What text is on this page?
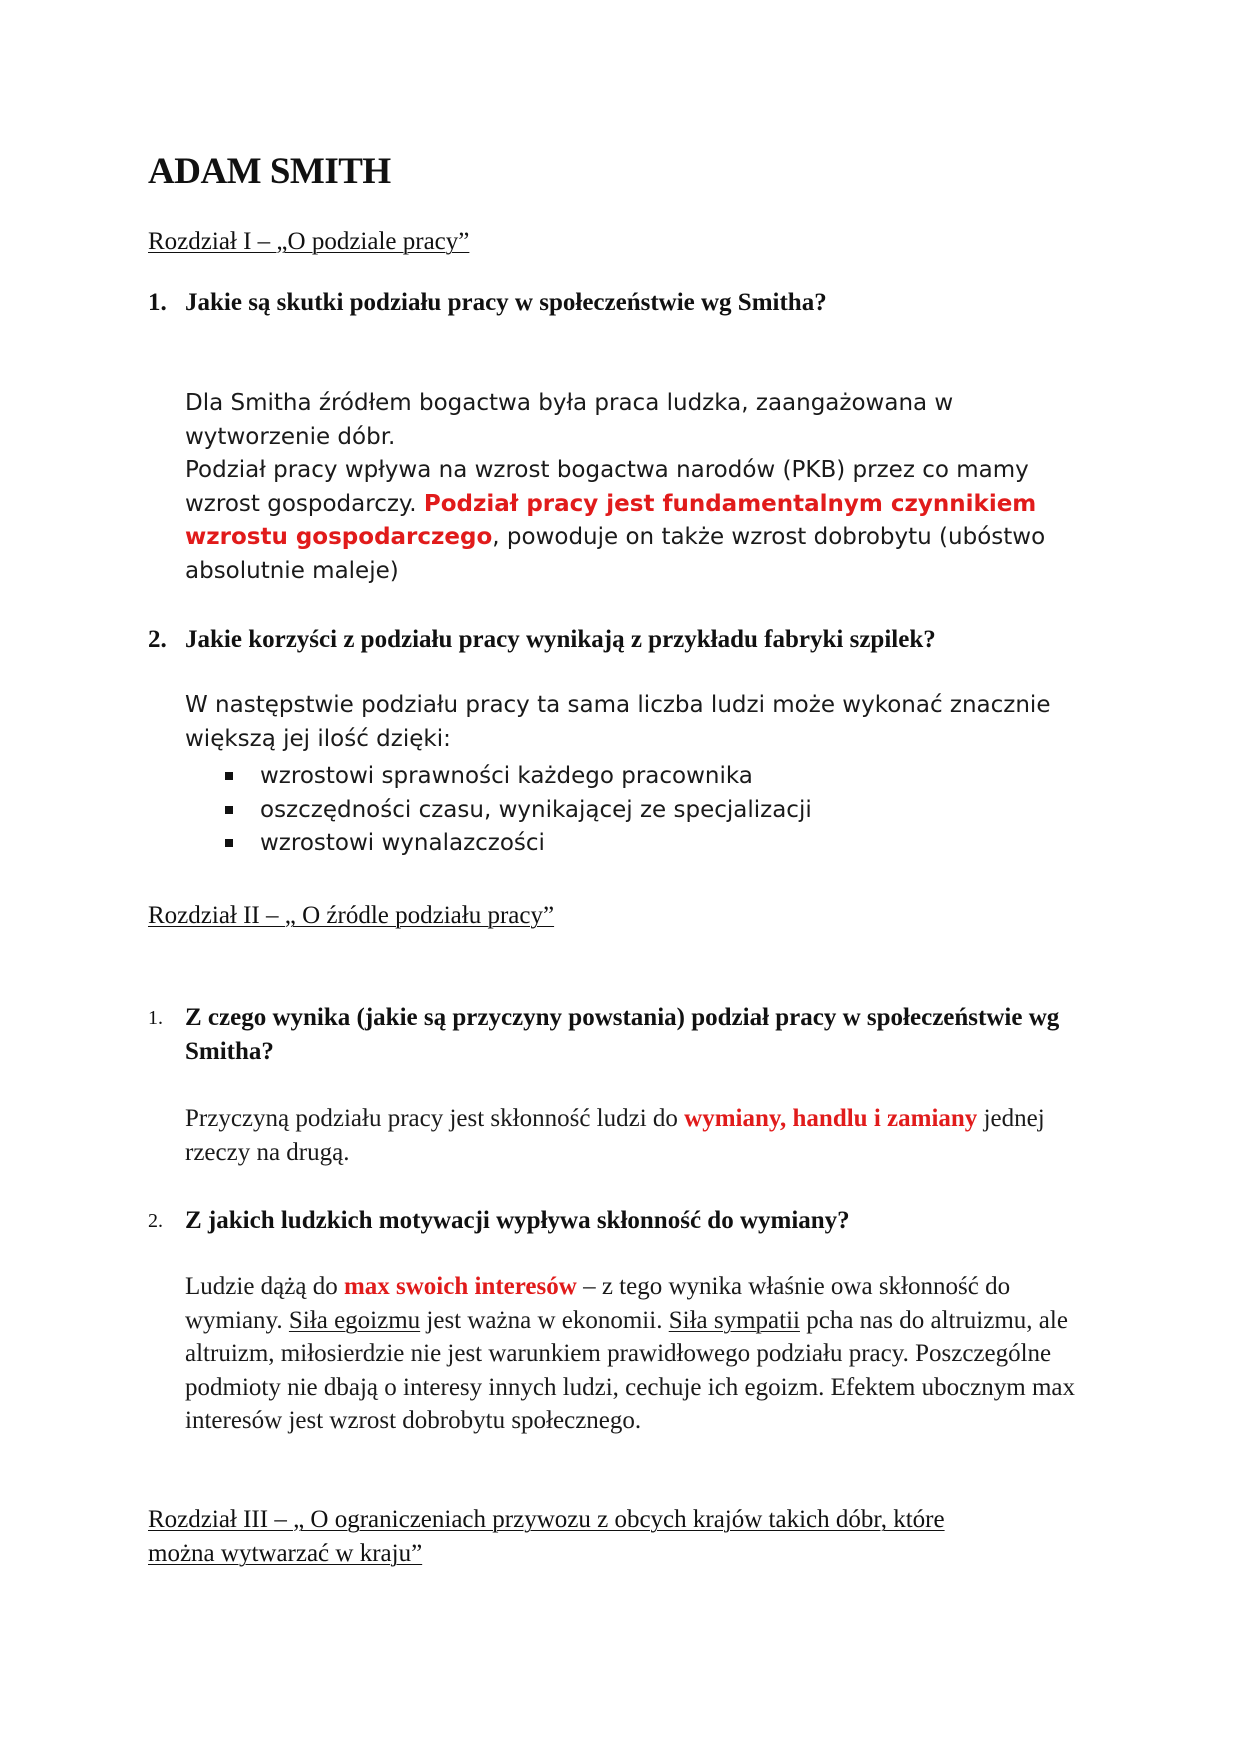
ADAM SMITH
Rozdział I – „O podziale pracy”
1. Jakie są skutki podziału pracy w społeczeństwie wg Smitha?
Dla Smitha źródłem bogactwa była praca ludzka, zaangażowana w wytworzenie dóbr.
Podział pracy wpływa na wzrost bogactwa narodów (PKB) przez co mamy wzrost gospodarczy. Podział pracy jest fundamentalnym czynnikiem wzrostu gospodarczego, powoduje on także wzrost dobrobytu (ubóstwo absolutnie maleje)
2. Jakie korzyści z podziału pracy wynikają z przykładu fabryki szpilek?
W następstwie podziału pracy ta sama liczba ludzi może wykonać znacznie większą jej ilość dzięki:
wzrostowi sprawności każdego pracownika
oszczędności czasu, wynikającej ze specjalizacji
wzrostowi wynalazczości
Rozdział II – „ O źródle podziału pracy”
1. Z czego wynika (jakie są przyczyny powstania) podział pracy w społeczeństwie wg Smitha?
Przyczyną podziału pracy jest skłonność ludzi do wymiany, handlu i zamiany jednej rzeczy na drugą.
2. Z jakich ludzkich motywacji wypływa skłonność do wymiany?
Ludzie dążą do max swoich interesów – z tego wynika właśnie owa skłonność do wymiany. Siła egoizmu jest ważna w ekonomii. Siła sympatii pcha nas do altruizmu, ale altruizm, miłosierdzie nie jest warunkiem prawidłowego podziału pracy. Poszczególne podmioty nie dbają o interesy innych ludzi, cechuje ich egoizm. Efektem ubocznym max interesów jest wzrost dobrobytu społecznego.
Rozdział III – „ O ograniczeniach przywozu z obcych krajów takich dóbr, które
można wytwarzać w kraju”
